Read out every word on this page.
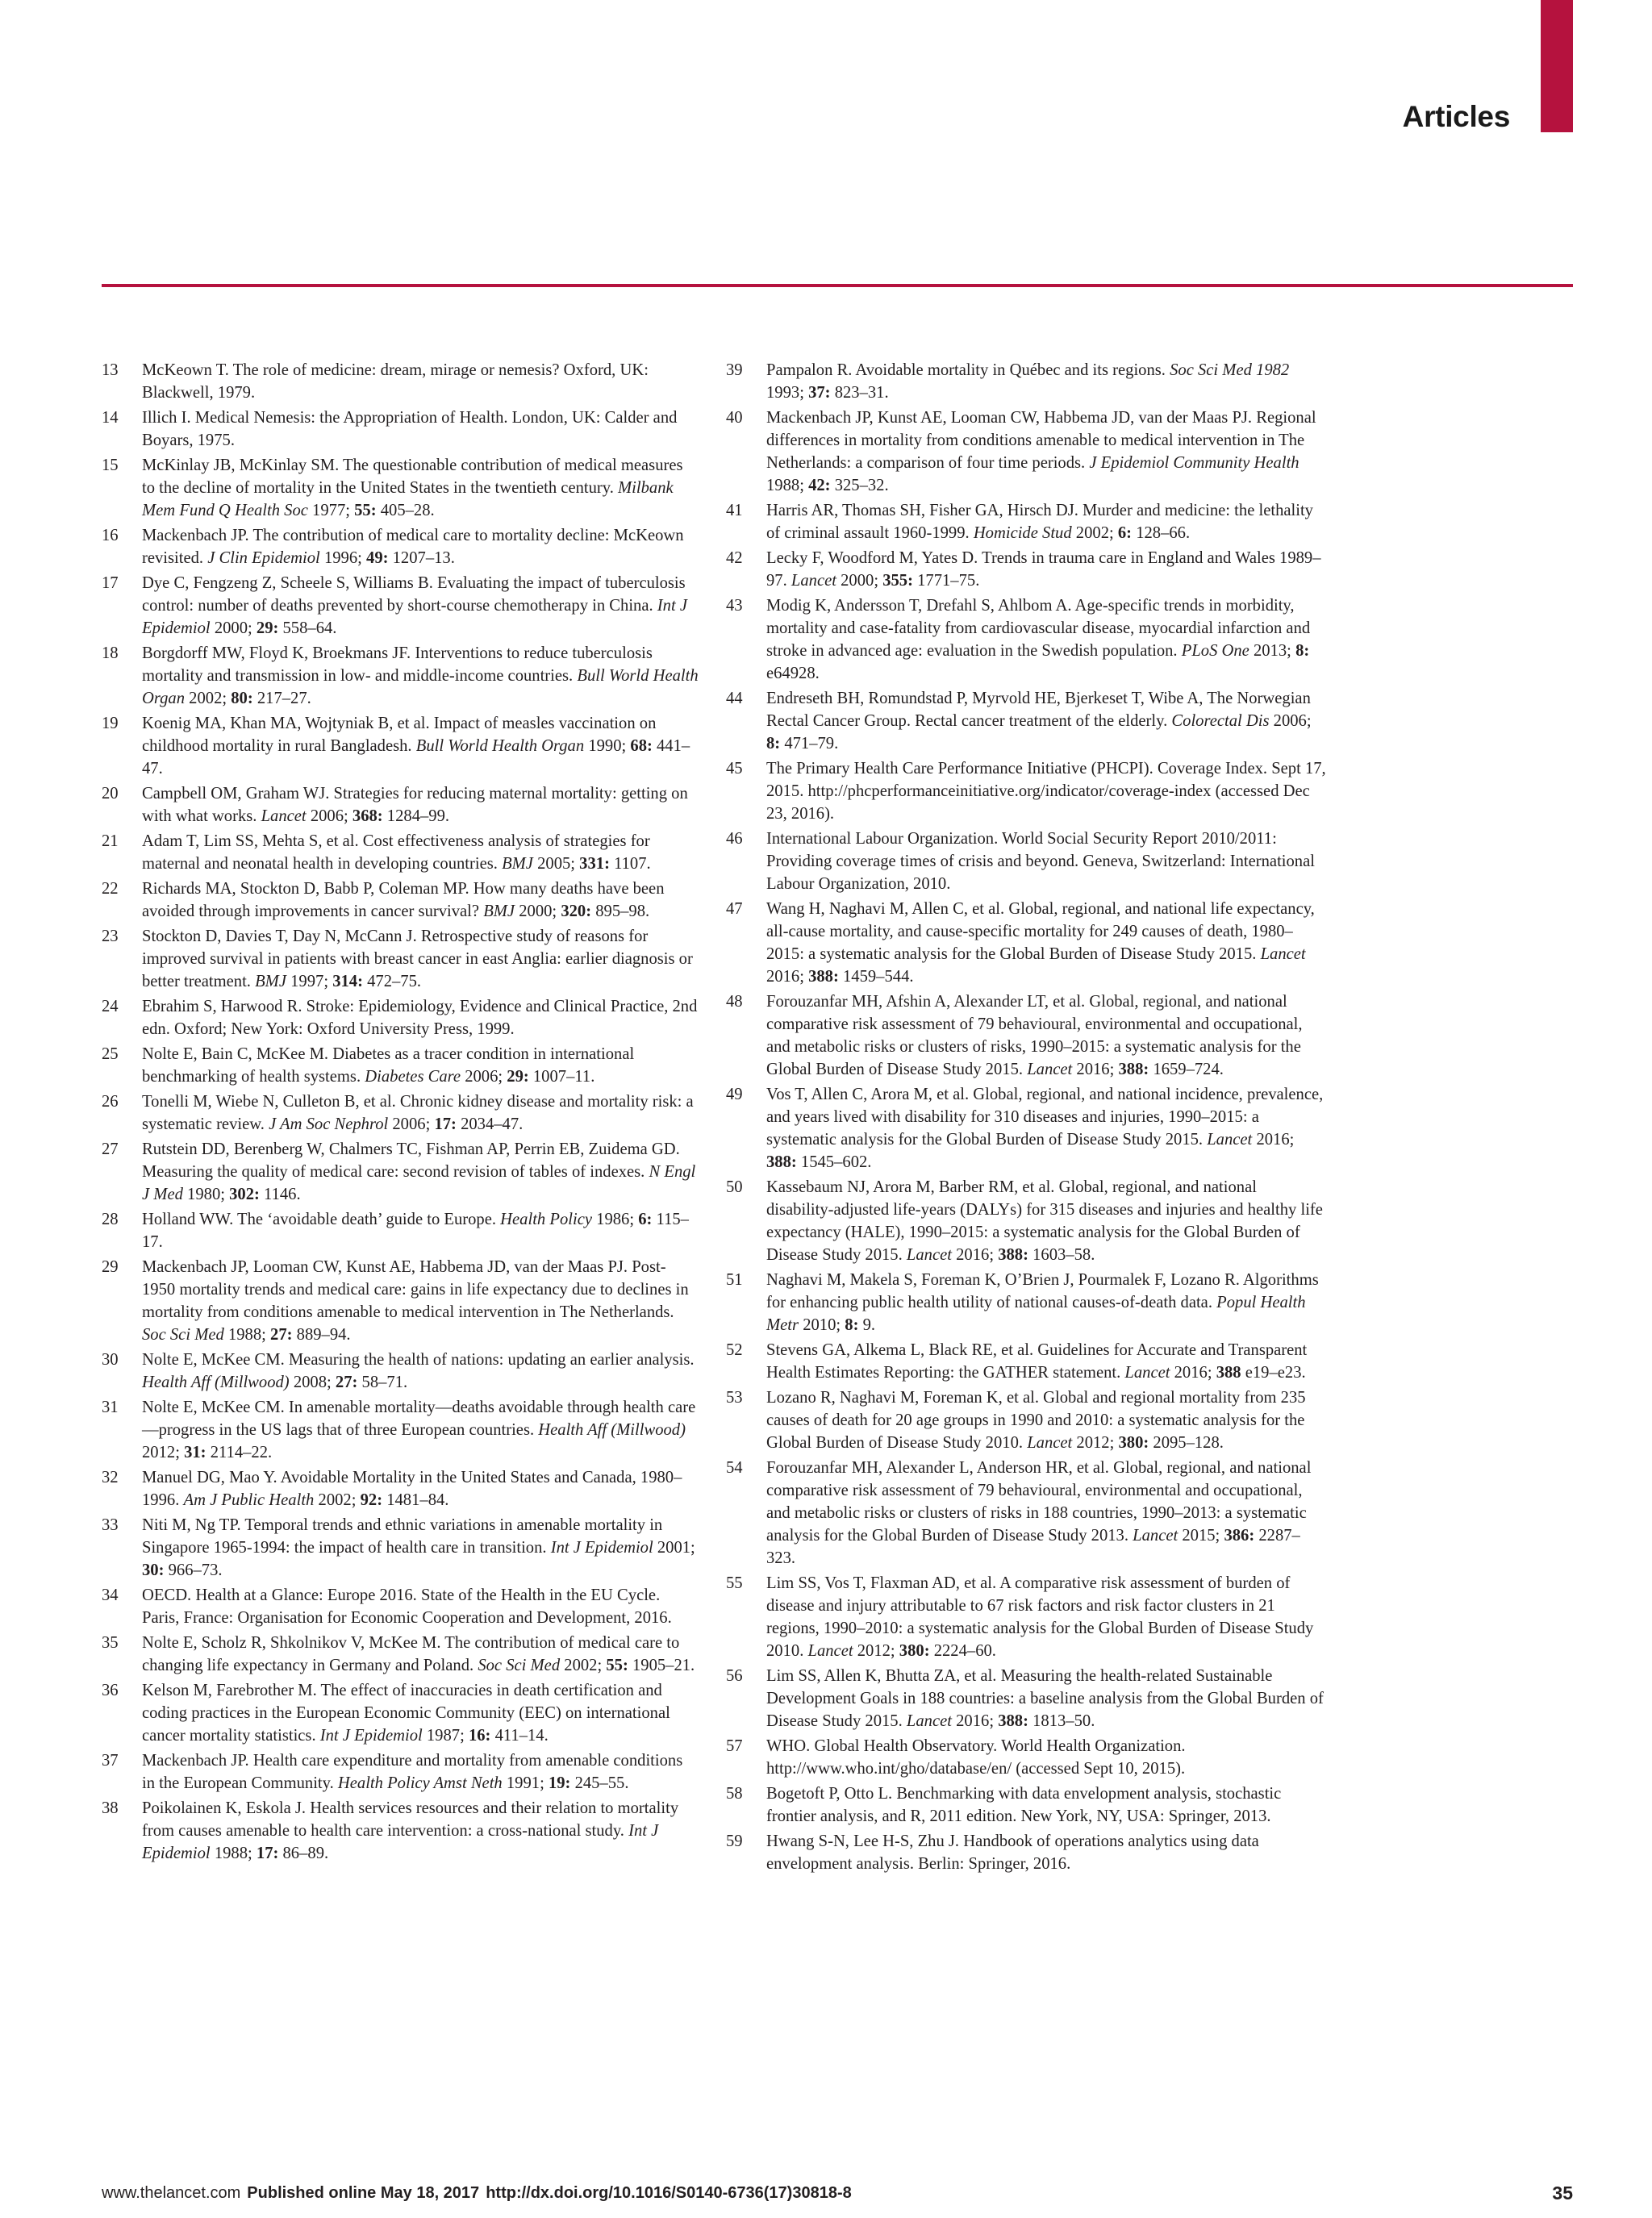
Articles
13 McKeown T. The role of medicine: dream, mirage or nemesis? Oxford, UK: Blackwell, 1979.
14 Illich I. Medical Nemesis: the Appropriation of Health. London, UK: Calder and Boyars, 1975.
15 McKinlay JB, McKinlay SM. The questionable contribution of medical measures to the decline of mortality in the United States in the twentieth century. Milbank Mem Fund Q Health Soc 1977; 55: 405–28.
16 Mackenbach JP. The contribution of medical care to mortality decline: McKeown revisited. J Clin Epidemiol 1996; 49: 1207–13.
17 Dye C, Fengzeng Z, Scheele S, Williams B. Evaluating the impact of tuberculosis control: number of deaths prevented by short-course chemotherapy in China. Int J Epidemiol 2000; 29: 558–64.
18 Borgdorff MW, Floyd K, Broekmans JF. Interventions to reduce tuberculosis mortality and transmission in low- and middle-income countries. Bull World Health Organ 2002; 80: 217–27.
19 Koenig MA, Khan MA, Wojtyniak B, et al. Impact of measles vaccination on childhood mortality in rural Bangladesh. Bull World Health Organ 1990; 68: 441–47.
20 Campbell OM, Graham WJ. Strategies for reducing maternal mortality: getting on with what works. Lancet 2006; 368: 1284–99.
21 Adam T, Lim SS, Mehta S, et al. Cost effectiveness analysis of strategies for maternal and neonatal health in developing countries. BMJ 2005; 331: 1107.
22 Richards MA, Stockton D, Babb P, Coleman MP. How many deaths have been avoided through improvements in cancer survival? BMJ 2000; 320: 895–98.
23 Stockton D, Davies T, Day N, McCann J. Retrospective study of reasons for improved survival in patients with breast cancer in east Anglia: earlier diagnosis or better treatment. BMJ 1997; 314: 472–75.
24 Ebrahim S, Harwood R. Stroke: Epidemiology, Evidence and Clinical Practice, 2nd edn. Oxford; New York: Oxford University Press, 1999.
25 Nolte E, Bain C, McKee M. Diabetes as a tracer condition in international benchmarking of health systems. Diabetes Care 2006; 29: 1007–11.
26 Tonelli M, Wiebe N, Culleton B, et al. Chronic kidney disease and mortality risk: a systematic review. J Am Soc Nephrol 2006; 17: 2034–47.
27 Rutstein DD, Berenberg W, Chalmers TC, Fishman AP, Perrin EB, Zuidema GD. Measuring the quality of medical care: second revision of tables of indexes. N Engl J Med 1980; 302: 1146.
28 Holland WW. The ‘avoidable death’ guide to Europe. Health Policy 1986; 6: 115–17.
29 Mackenbach JP, Looman CW, Kunst AE, Habbema JD, van der Maas PJ. Post-1950 mortality trends and medical care: gains in life expectancy due to declines in mortality from conditions amenable to medical intervention in The Netherlands. Soc Sci Med 1988; 27: 889–94.
30 Nolte E, McKee CM. Measuring the health of nations: updating an earlier analysis. Health Aff (Millwood) 2008; 27: 58–71.
31 Nolte E, McKee CM. In amenable mortality—deaths avoidable through health care—progress in the US lags that of three European countries. Health Aff (Millwood) 2012; 31: 2114–22.
32 Manuel DG, Mao Y. Avoidable Mortality in the United States and Canada, 1980–1996. Am J Public Health 2002; 92: 1481–84.
33 Niti M, Ng TP. Temporal trends and ethnic variations in amenable mortality in Singapore 1965-1994: the impact of health care in transition. Int J Epidemiol 2001; 30: 966–73.
34 OECD. Health at a Glance: Europe 2016. State of the Health in the EU Cycle. Paris, France: Organisation for Economic Cooperation and Development, 2016.
35 Nolte E, Scholz R, Shkolnikov V, McKee M. The contribution of medical care to changing life expectancy in Germany and Poland. Soc Sci Med 2002; 55: 1905–21.
36 Kelson M, Farebrother M. The effect of inaccuracies in death certification and coding practices in the European Economic Community (EEC) on international cancer mortality statistics. Int J Epidemiol 1987; 16: 411–14.
37 Mackenbach JP. Health care expenditure and mortality from amenable conditions in the European Community. Health Policy Amst Neth 1991; 19: 245–55.
38 Poikolainen K, Eskola J. Health services resources and their relation to mortality from causes amenable to health care intervention: a cross-national study. Int J Epidemiol 1988; 17: 86–89.
39 Pampalon R. Avoidable mortality in Québec and its regions. Soc Sci Med 1982 1993; 37: 823–31.
40 Mackenbach JP, Kunst AE, Looman CW, Habbema JD, van der Maas PJ. Regional differences in mortality from conditions amenable to medical intervention in The Netherlands: a comparison of four time periods. J Epidemiol Community Health 1988; 42: 325–32.
41 Harris AR, Thomas SH, Fisher GA, Hirsch DJ. Murder and medicine: the lethality of criminal assault 1960-1999. Homicide Stud 2002; 6: 128–66.
42 Lecky F, Woodford M, Yates D. Trends in trauma care in England and Wales 1989–97. Lancet 2000; 355: 1771–75.
43 Modig K, Andersson T, Drefahl S, Ahlbom A. Age-specific trends in morbidity, mortality and case-fatality from cardiovascular disease, myocardial infarction and stroke in advanced age: evaluation in the Swedish population. PLoS One 2013; 8: e64928.
44 Endreseth BH, Romundstad P, Myrvold HE, Bjerkeset T, Wibe A, The Norwegian Rectal Cancer Group. Rectal cancer treatment of the elderly. Colorectal Dis 2006; 8: 471–79.
45 The Primary Health Care Performance Initiative (PHCPI). Coverage Index. Sept 17, 2015. http://phcperformanceinitiative.org/indicator/coverage-index (accessed Dec 23, 2016).
46 International Labour Organization. World Social Security Report 2010/2011: Providing coverage times of crisis and beyond. Geneva, Switzerland: International Labour Organization, 2010.
47 Wang H, Naghavi M, Allen C, et al. Global, regional, and national life expectancy, all-cause mortality, and cause-specific mortality for 249 causes of death, 1980–2015: a systematic analysis for the Global Burden of Disease Study 2015. Lancet 2016; 388: 1459–544.
48 Forouzanfar MH, Afshin A, Alexander LT, et al. Global, regional, and national comparative risk assessment of 79 behavioural, environmental and occupational, and metabolic risks or clusters of risks, 1990–2015: a systematic analysis for the Global Burden of Disease Study 2015. Lancet 2016; 388: 1659–724.
49 Vos T, Allen C, Arora M, et al. Global, regional, and national incidence, prevalence, and years lived with disability for 310 diseases and injuries, 1990–2015: a systematic analysis for the Global Burden of Disease Study 2015. Lancet 2016; 388: 1545–602.
50 Kassebaum NJ, Arora M, Barber RM, et al. Global, regional, and national disability-adjusted life-years (DALYs) for 315 diseases and injuries and healthy life expectancy (HALE), 1990–2015: a systematic analysis for the Global Burden of Disease Study 2015. Lancet 2016; 388: 1603–58.
51 Naghavi M, Makela S, Foreman K, O’Brien J, Pourmalek F, Lozano R. Algorithms for enhancing public health utility of national causes-of-death data. Popul Health Metr 2010; 8: 9.
52 Stevens GA, Alkema L, Black RE, et al. Guidelines for Accurate and Transparent Health Estimates Reporting: the GATHER statement. Lancet 2016; 388 e19–e23.
53 Lozano R, Naghavi M, Foreman K, et al. Global and regional mortality from 235 causes of death for 20 age groups in 1990 and 2010: a systematic analysis for the Global Burden of Disease Study 2010. Lancet 2012; 380: 2095–128.
54 Forouzanfar MH, Alexander L, Anderson HR, et al. Global, regional, and national comparative risk assessment of 79 behavioural, environmental and occupational, and metabolic risks or clusters of risks in 188 countries, 1990–2013: a systematic analysis for the Global Burden of Disease Study 2013. Lancet 2015; 386: 2287–323.
55 Lim SS, Vos T, Flaxman AD, et al. A comparative risk assessment of burden of disease and injury attributable to 67 risk factors and risk factor clusters in 21 regions, 1990–2010: a systematic analysis for the Global Burden of Disease Study 2010. Lancet 2012; 380: 2224–60.
56 Lim SS, Allen K, Bhutta ZA, et al. Measuring the health-related Sustainable Development Goals in 188 countries: a baseline analysis from the Global Burden of Disease Study 2015. Lancet 2016; 388: 1813–50.
57 WHO. Global Health Observatory. World Health Organization. http://www.who.int/gho/database/en/ (accessed Sept 10, 2015).
58 Bogetoft P, Otto L. Benchmarking with data envelopment analysis, stochastic frontier analysis, and R, 2011 edition. New York, NY, USA: Springer, 2013.
59 Hwang S-N, Lee H-S, Zhu J. Handbook of operations analytics using data envelopment analysis. Berlin: Springer, 2016.
www.thelancet.com Published online May 18, 2017 http://dx.doi.org/10.1016/S0140-6736(17)30818-8	35
